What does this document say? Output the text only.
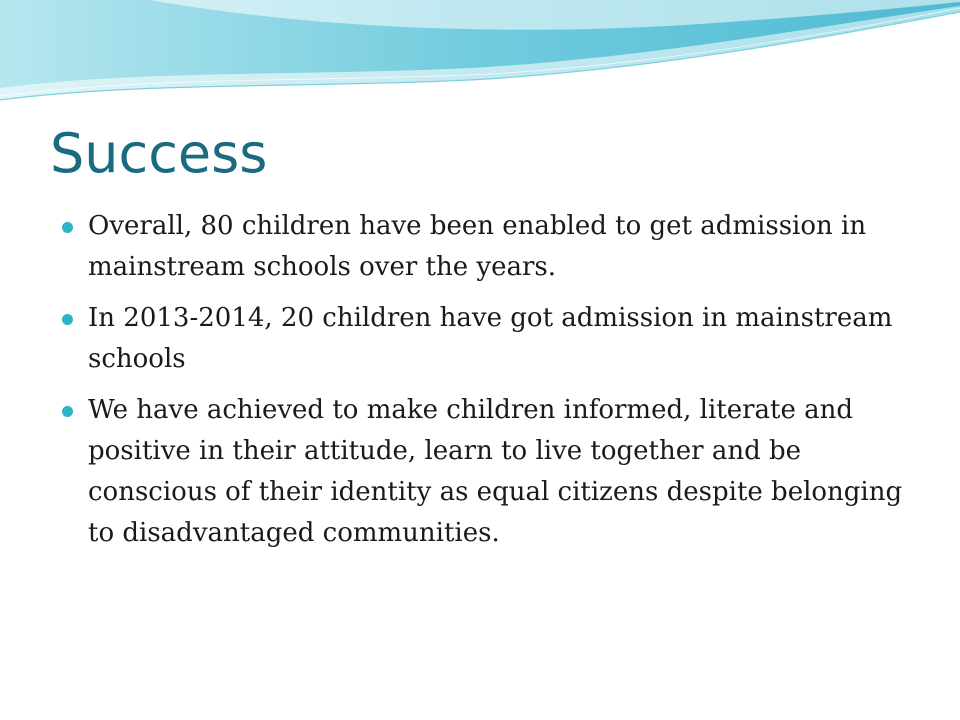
Success
Overall, 80 children have been enabled to get admission in mainstream schools over the years.
In 2013-2014, 20 children have got admission in mainstream schools
We have achieved to make children informed, literate and positive in their attitude, learn to live together and be conscious of their identity as equal citizens despite belonging to disadvantaged communities.
